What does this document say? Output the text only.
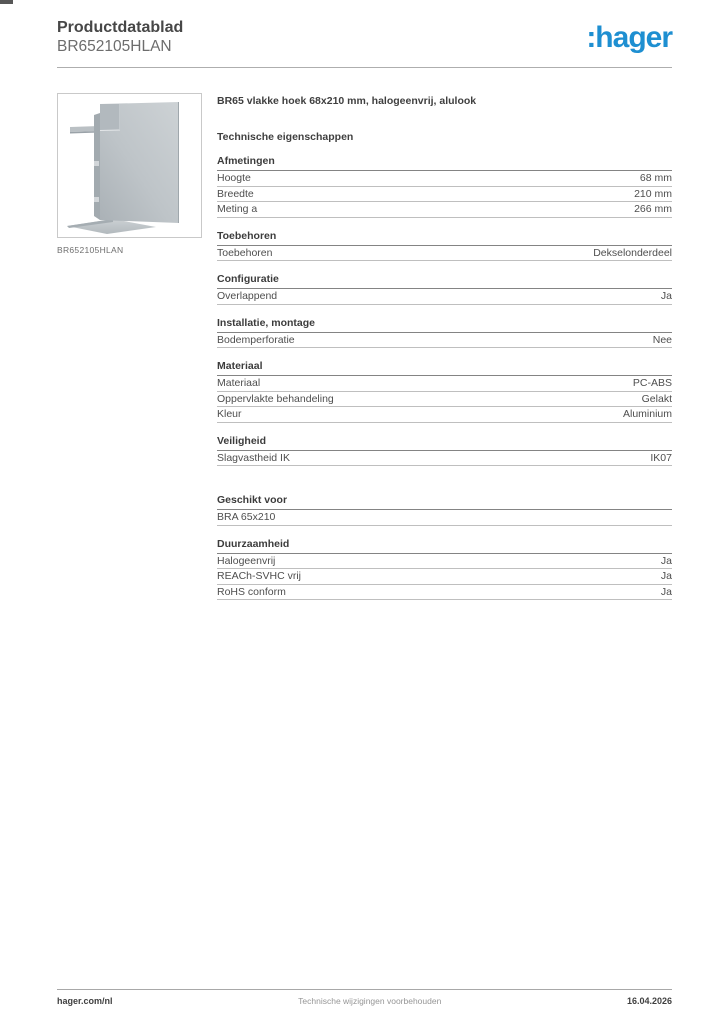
Productdatablad
BR652105HLAN	:hager
BR652105HLAN
BR65 vlakke hoek 68x210 mm, halogeenvrij, alulook
Technische eigenschappen
Afmetingen
Hoogte	68 mm
Breedte	210 mm
Meting a	266 mm
Toebehoren
Toebehoren	Dekselonderdeel
Configuratie
Overlappend	Ja
Installatie, montage
Bodemperforatie	Nee
Materiaal
Materiaal	PC-ABS
Oppervlakte behandeling	Gelakt
Kleur	Aluminium
Veiligheid
Slagvastheid IK	IK07
Geschikt voor
BRA 65x210
Duurzaamheid
Halogeenvrij	Ja
REACh-SVHC vrij	Ja
RoHS conform	Ja
hager.com/nl	Technische wijzigingen voorbehouden	16.04.2026
